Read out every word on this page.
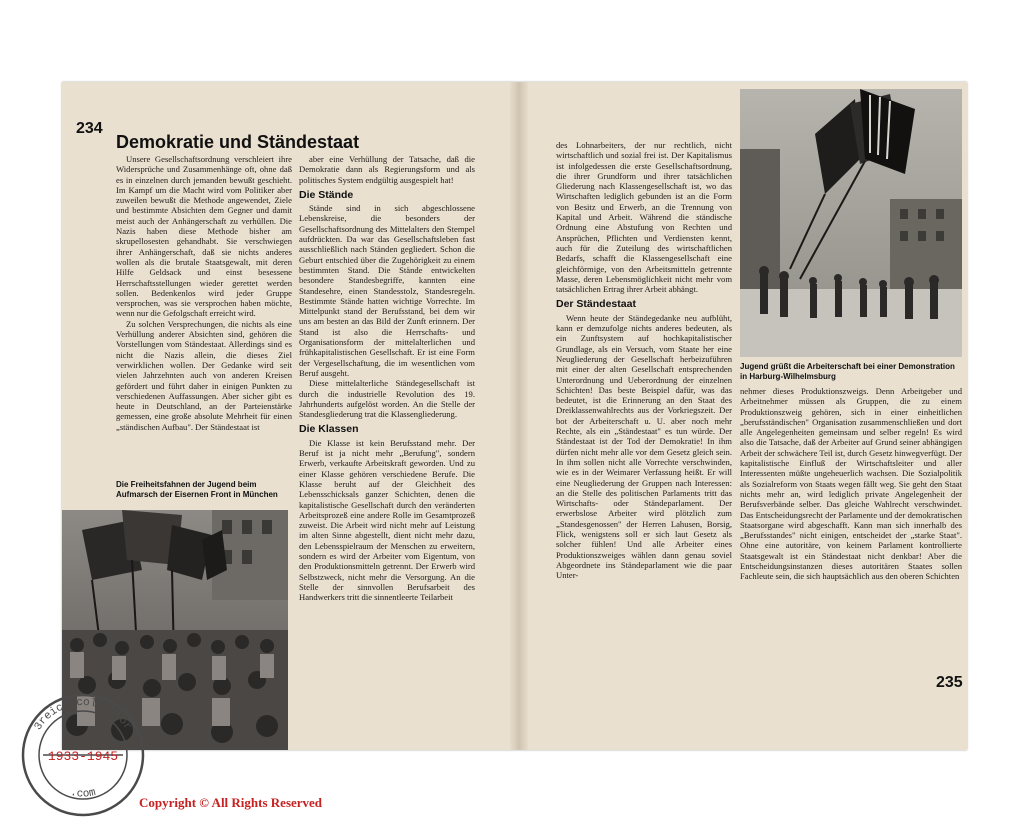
234
Demokratie und Ständestaat

Unsere Gesellschaftsordnung verschleiert ihre Widersprüche und Zusammenhänge oft, ohne daß es in einzelnen durch jemanden bewußt geschieht. Im Kampf um die Macht wird vom Politiker aber zuweilen bewußt die Methode angewendet, Ziele und bestimmte Absichten dem Gegner und damit meist auch der Anhängerschaft zu verhüllen. Die Nazis haben diese Methode bisher am skrupellosesten gehandhabt. Sie verschwiegen ihrer Anhängerschaft, daß sie nichts anderes wollen als die brutale Staatsgewalt, mit deren Hilfe Geldsack und einst besessene Herrschaftsstellungen wieder gerettet werden sollen. Bedenkenlos wird jeder Gruppe versprochen, was sie versprochen haben möchte, wenn nur die Gefolgschaft erreicht wird.

Zu solchen Versprechungen, die nichts als eine Verhüllung anderer Absichten sind, gehören die Vorstellungen vom Ständestaat. Allerdings sind es nicht die Nazis allein, die dieses Ziel verwirklichen wollen. Der Gedanke wird seit vielen Jahrzehnten auch von anderen Kreisen gefördert und führt daher in einigen Punkten zu verschiedenen Auffassungen. Aber sicher gibt es heute in Deutschland, an der Parteienstärke gemessen, eine große absolute Mehrheit für einen „ständischen Aufbau". Der Ständestaat ist

Die Freiheitsfahnen der Jugend beim Aufmarsch der Eisernen Front in München

aber eine Verhüllung der Tatsache, daß die Demokratie dann als Regierungsform und als politisches System endgültig ausgespielt hat!

Die Stände

Stände sind in sich abgeschlossene Lebenskreise, die besonders der Gesellschaftsordnung des Mittelalters den Stempel aufdrückten. Da war das Gesellschaftsleben fast ausschließlich nach Ständen gegliedert. Schon die Geburt entschied über die Zugehörigkeit zu einem bestimmten Stand. Die Stände entwickelten besondere Standesbegriffe, kannten eine Standesehre, einen Standesstolz, Standesregeln. Bestimmte Stände hatten wichtige Vorrechte. Im Mittelpunkt stand der Berufsstand, bei dem wir uns am besten an das Bild der Zunft erinnern. Der Stand ist also die Herrschafts- und Organisationsform der mittelalterlichen und frühkapitalistischen Gesellschaft. Er ist eine Form der Vergesellschaftung, die im wesentlichen vom Beruf ausgeht.

Diese mittelalterliche Ständegesellschaft ist durch die industrielle Revolution des 19. Jahrhunderts aufgelöst worden. An die Stelle der Standesgliederung trat die Klassengliederung.

Die Klassen

Die Klasse ist kein Berufsstand mehr. Der Beruf ist ja nicht mehr „Berufung", sondern Erwerb, verkaufte Arbeitskraft geworden. Und zu einer Klasse gehören verschiedene Berufe. Die Klasse beruht auf der Gleichheit des Lebensschicksals ganzer Schichten, denen die kapitalistische Gesellschaft durch den veränderten Arbeitsprozeß eine andere Rolle im Gesamtprozeß zuweist. Die Arbeit wird nicht mehr auf Leistung im alten Sinne abgestellt, dient nicht mehr dazu, den Lebensspielraum der Menschen zu erweitern, sondern es wird der Arbeiter vom Eigentum, von den Produktionsmitteln getrennt. Der Erwerb wird Selbstzweck, nicht mehr die Versorgung. An die Stelle der sinnvollen Berufsarbeit des Handwerkers tritt die sinnentleerte Teilarbeit

des Lohnarbeiters, der nur rechtlich, nicht wirtschaftlich und sozial frei ist. Der Kapitalismus ist infolgedessen die erste Gesellschaftsordnung, die ihrer Grundform und ihrer tatsächlichen Gliederung nach Klassengesellschaft ist, wo das Wirtschaften lediglich gebunden ist an die Form von Besitz und Erwerb, an die Trennung von Kapital und Arbeit. Während die ständische Ordnung eine Abstufung von Rechten und Ansprüchen, Pflichten und Verdiensten kennt, auch für die Zuteilung des wirtschaftlichen Bedarfs, schafft die Klassengesellschaft eine gleichförmige, von den Arbeitsmitteln getrennte Masse, deren Lebensmöglichkeit nicht mehr vom tatsächlichen Ertrag ihrer Arbeit abhängt.

Der Ständestaat

Wenn heute der Ständegedanke neu aufblüht, kann er demzufolge nichts anderes bedeuten, als ein Zunftsystem auf hochkapitalistischer Grundlage, als ein Versuch, vom Staate her eine Neugliederung der Gesellschaft herbeizuführen mit einer der alten Gesellschaft entsprechenden Unterordnung und Ueberordnung der einzelnen Schichten! Das beste Beispiel dafür, was das bedeutet, ist die Erinnerung an den Staat des Dreiklassenwahlrechts aus der Vorkriegszeit. Der bot der Arbeiterschaft u. U. aber noch mehr Rechte, als ein „Ständestaat" es tun würde. Der Ständestaat ist der Tod der Demokratie! In ihm dürfen nicht mehr alle vor dem Gesetz gleich sein. In ihm sollen nicht alle Vorrechte verschwinden, wie es in der Weimarer Verfassung heißt. Er will eine Neugliederung der Gruppen nach Interessen: an die Stelle des politischen Parlaments tritt das Wirtschafts- oder Ständeparlament. Der erwerbslose Arbeiter wird plötzlich zum „Standesgenossen" der Herren Lahusen, Borsig, Flick, wenigstens soll er sich laut Gesetz als solcher fühlen! Und alle Arbeiter eines Produktionszweiges wählen dann genau soviel Abgeordnete ins Ständeparlament wie die paar Unter-

Jugend grüßt die Arbeiterschaft bei einer Demonstration in Harburg-Wilhelmsburg

nehmer dieses Produktionszweigs. Denn Arbeitgeber und Arbeitnehmer müssen als Gruppen, die zu einem Produktionszweig gehören, sich in einer einheitlichen „berufsständischen" Organisation zusammenschließen und dort alle Angelegenheiten gemeinsam und selber regeln! Es wird also die Tatsache, daß der Arbeiter auf Grund seiner abhängigen Arbeit der schwächere Teil ist, durch Gesetz hinwegverfügt. Der kapitalistische Einfluß der Wirtschaftsleiter und aller Interessenten müßte ungeheuerlich wachsen. Die Sozialpolitik als Sozialreform von Staats wegen fällt weg. Sie geht den Staat nichts mehr an, wird lediglich private Angelegenheit der Berufsverbände selber. Das gleiche Wahlrecht verschwindet. Das Entscheidungsrecht der Parlamente und der demokratischen Staatsorgane wird abgeschafft. Kann man sich innerhalb des „Berufsstandes" nicht einigen, entscheidet der „starke Staat". Ohne eine autoritäre, von keinem Parlament kontrollierte Staatsgewalt ist ein Ständestaat nicht denkbar! Aber die Entscheidungsinstanzen dieses autoritären Staates sollen Fachleute sein, die sich hauptsächlich aus den oberen Schichten

235
1933-1945
3reich-collector
.com
Copyright © All Rights Reserved
